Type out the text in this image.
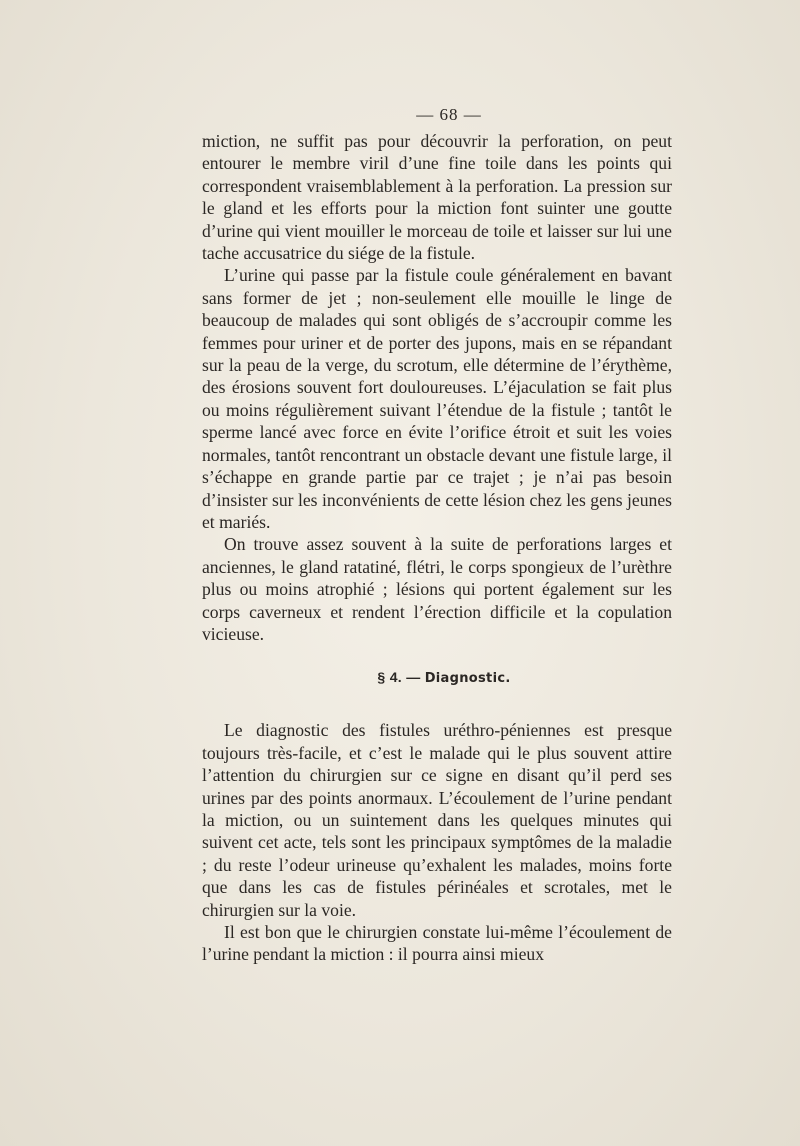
— 68 —

miction, ne suffit pas pour découvrir la perforation, on peut entourer le membre viril d’une fine toile dans les points qui correspondent vraisemblablement à la perforation. La pression sur le gland et les efforts pour la miction font suinter une goutte d’urine qui vient mouiller le morceau de toile et laisser sur lui une tache accusatrice du siége de la fistule.

L’urine qui passe par la fistule coule généralement en bavant sans former de jet ; non-seulement elle mouille le linge de beaucoup de malades qui sont obligés de s’accroupir comme les femmes pour uriner et de porter des jupons, mais en se répandant sur la peau de la verge, du scrotum, elle détermine de l’érythème, des érosions souvent fort douloureuses. L’éjaculation se fait plus ou moins régulièrement suivant l’étendue de la fistule ; tantôt le sperme lancé avec force en évite l’orifice étroit et suit les voies normales, tantôt rencontrant un obstacle devant une fistule large, il s’échappe en grande partie par ce trajet ; je n’ai pas besoin d’insister sur les inconvénients de cette lésion chez les gens jeunes et mariés.

On trouve assez souvent à la suite de perforations larges et anciennes, le gland ratatiné, flétri, le corps spongieux de l’urèthre plus ou moins atrophié ; lésions qui portent également sur les corps caverneux et rendent l’érection difficile et la copulation vicieuse.

§ 4. — Diagnostic.

Le diagnostic des fistules uréthro-péniennes est presque toujours très-facile, et c’est le malade qui le plus souvent attire l’attention du chirurgien sur ce signe en disant qu’il perd ses urines par des points anormaux. L’écoulement de l’urine pendant la miction, ou un suintement dans les quelques minutes qui suivent cet acte, tels sont les principaux symptômes de la maladie ; du reste l’odeur urineuse qu’exhalent les malades, moins forte que dans les cas de fistules périnéales et scrotales, met le chirurgien sur la voie.

Il est bon que le chirurgien constate lui-même l’écoulement de l’urine pendant la miction : il pourra ainsi mieux
